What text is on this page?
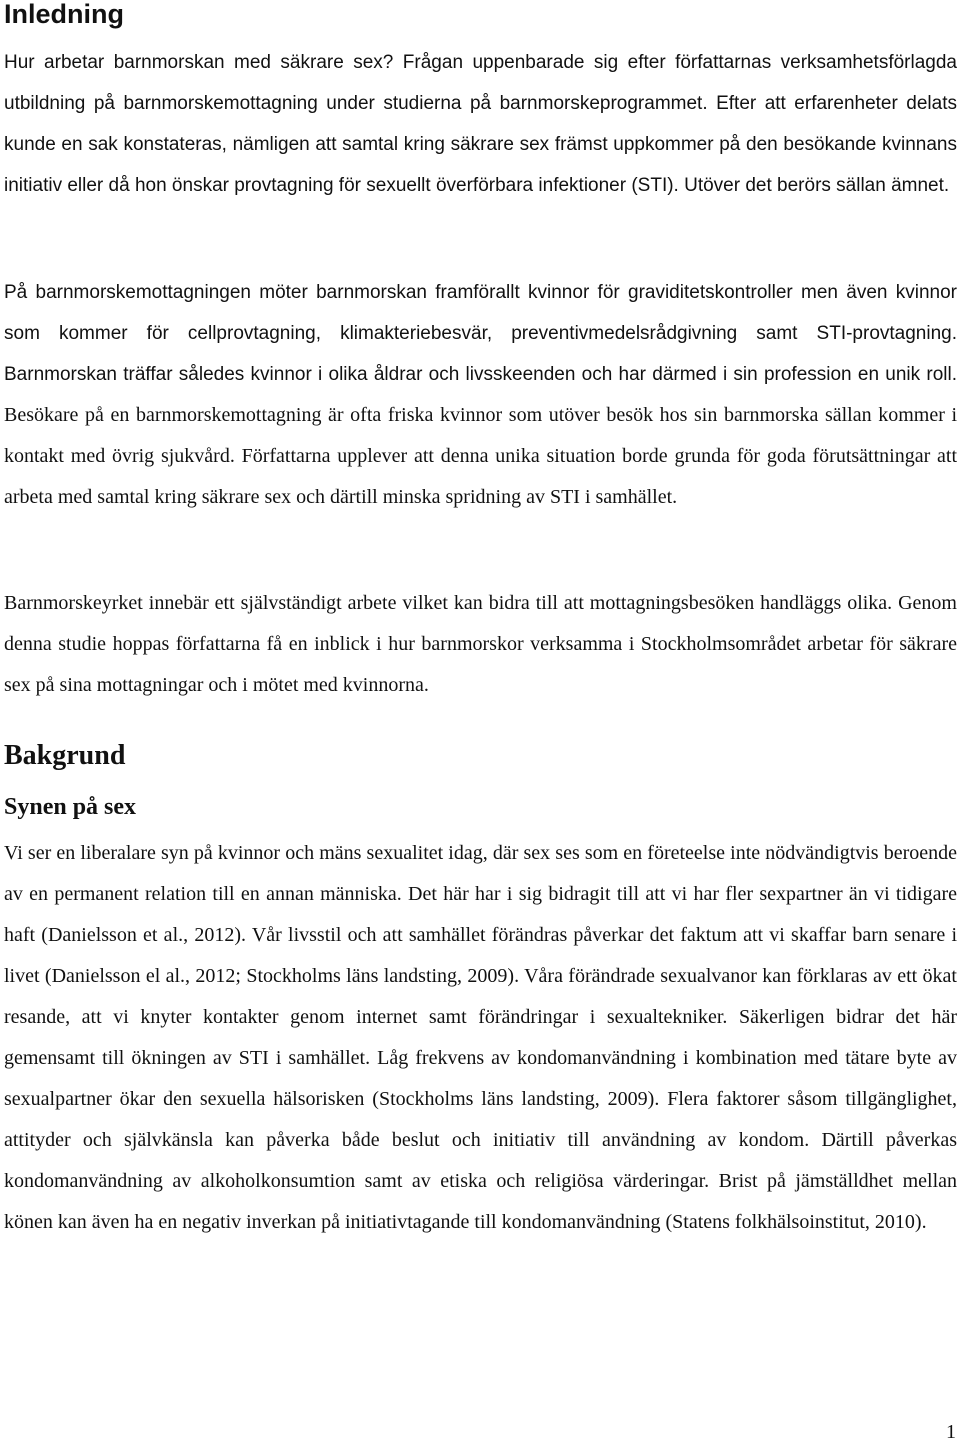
Inledning

Hur arbetar barnmorskan med säkrare sex? Frågan uppenbarade sig efter författarnas verksamhetsförlagda utbildning på barnmorskemottagning under studierna på barnmorskeprogrammet. Efter att erfarenheter delats kunde en sak konstateras, nämligen att samtal kring säkrare sex främst uppkommer på den besökande kvinnans initiativ eller då hon önskar provtagning för sexuellt överförbara infektioner (STI). Utöver det berörs sällan ämnet.

På barnmorskemottagningen möter barnmorskan framförallt kvinnor för graviditetskontroller men även kvinnor som kommer för cellprovtagning, klimakteriebesvär, preventivmedelsrådgivning samt STI-provtagning. Barnmorskan träffar således kvinnor i olika åldrar och livsskeenden och har därmed i sin profession en unik roll. Besökare på en barnmorskemottagning är ofta friska kvinnor som utöver besök hos sin barnmorska sällan kommer i kontakt med övrig sjukvård. Författarna upplever att denna unika situation borde grunda för goda förutsättningar att arbeta med samtal kring säkrare sex och därtill minska spridning av STI i samhället.

Barnmorskeyrket innebär ett självständigt arbete vilket kan bidra till att mottagningsbesöken handläggs olika. Genom denna studie hoppas författarna få en inblick i hur barnmorskor verksamma i Stockholmsområdet arbetar för säkrare sex på sina mottagningar och i mötet med kvinnorna.

Bakgrund
Synen på sex

Vi ser en liberalare syn på kvinnor och mäns sexualitet idag, där sex ses som en företeelse inte nödvändigtvis beroende av en permanent relation till en annan människa. Det här har i sig bidragit till att vi har fler sexpartner än vi tidigare haft (Danielsson et al., 2012). Vår livsstil och att samhället förändras påverkar det faktum att vi skaffar barn senare i livet (Danielsson el al., 2012; Stockholms läns landsting, 2009). Våra förändrade sexualvanor kan förklaras av ett ökat resande, att vi knyter kontakter genom internet samt förändringar i sexualtekniker. Säkerligen bidrar det här gemensamt till ökningen av STI i samhället. Låg frekvens av kondomanvändning i kombination med tätare byte av sexualpartner ökar den sexuella hälsorisken (Stockholms läns landsting, 2009). Flera faktorer såsom tillgänglighet, attityder och självkänsla kan påverka både beslut och initiativ till användning av kondom. Därtill påverkas kondomanvändning av alkoholkonsumtion samt av etiska och religiösa värderingar. Brist på jämställdhet mellan könen kan även ha en negativ inverkan på initiativtagande till kondomanvändning (Statens folkhälsoinstitut, 2010).

1
